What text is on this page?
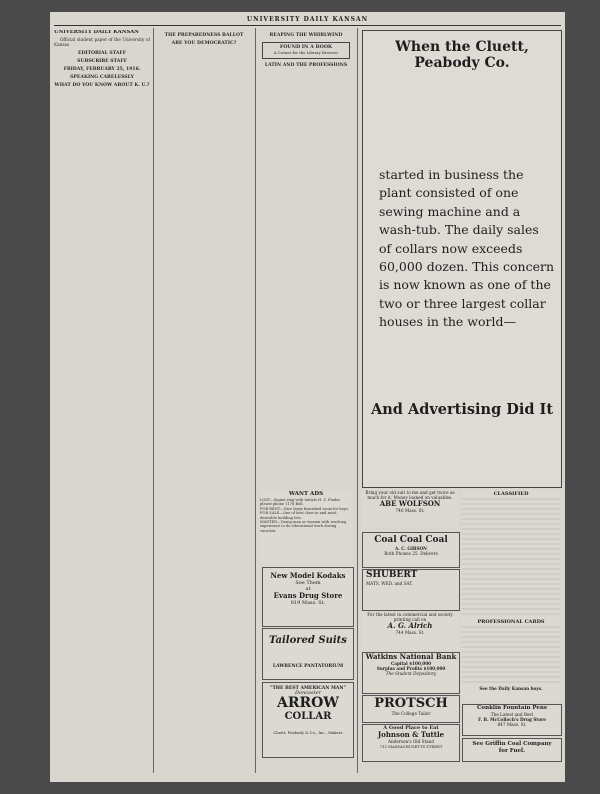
UNIVERSITY DAILY KANSAN
UNIVERSITY DAILY KANSAN

Official student paper of the University of Kansas

EDITORIAL STAFF
SUBSCRIBE STAFF
FRIDAY, FEBRUARY 25, 1916.
SPEAKING CARELESSLY
WHAT DO YOU KNOW ABOUT K. U.?
THE PREPAREDNESS BALLOT
ARE YOU DEMOCRATIC?
REAPING THE WHIRLWIND
FOUND IN A BOOK
A Corner for the Library Browser
LATIN AND THE PROFESSIONS
When the Cluett, Peabody Co.
started in business the plant consisted of one sewing machine and a wash-tub. The daily sales of collars now exceeds 60,000 dozen. This concern is now known as one of the two or three largest collar houses in the world—
And Advertising Did It
WANT ADS
LOST—Signet ring with initials H. S. Finder please phone 1178 Bell.
FOR RENT—Nice large furnished room for boys.
FOR SALE—One of best class in and most desirable building lots.
WANTED—Young man or woman with teaching experience to do educational work during vacation.
New Model Kodaks
See Them
at
Evans Drug Store
819 Mass. St.
Tailored Suits
LAWRENCE PANTATORIUM
"THE BEST AMERICAN MAN"
Doncaster
ARROW
COLLAR
Cluett, Peabody & Co., Inc., Makers
Bring your old suit to me and get twice as much for it. Money loaned on valuables.
ABE WOLFSON
740 Mass. St.
Coal Coal Coal
A. C. GIBSON
Both Phones 25. Delivers
SHUBERT
MATS. WED. and SAT.
For the latest in commercial and society printing call on
A. G. Alrich
744 Mass. St.
Watkins National Bank
Capital $100,000
Surplus and Profits $100,000
The Student Depository
PROTSCH
The College Tailor
A Good Place to Eat
Johnson & Tuttle
Anderson's Old Stand
712 MASSACHUSETTS STREET
CLASSIFIED
PROFESSIONAL CARDS
See the Daily Kansan boys.
Conklin Fountain Pens
The Latest and Best
F. B. McColloch's Drug Store
847 Mass. St.
See Griffin Coal Company
for Fuel.
